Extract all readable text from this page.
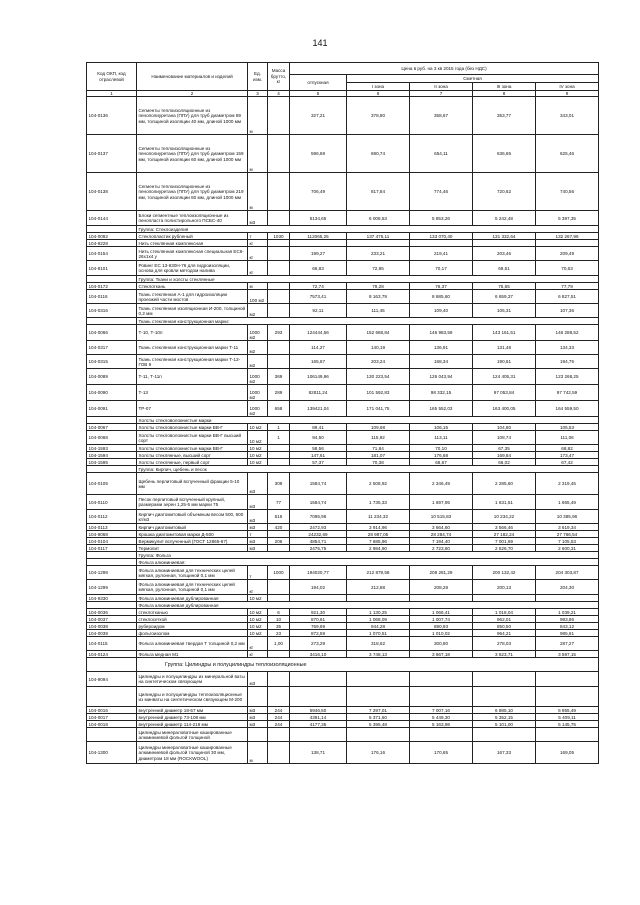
141
Код ОКП, код отраслевой	Наименование материалов и изделий	Ед. изм.	Масса брутто, кг	Цена в руб. на 3 кв 2015 года (без НДС)				
				отпускная	Сметная			
					I зона	II зона	III зона	IV зона
1	2	3	4	5	6	7	8	9
104-0136	Сегменты теплоизоляционные из пенополиуретана (ППУ) для труб диаметром 89 мм, толщиной изоляции 40 мм, длиной 1000 мм	м		327,21	378,80	358,67	353,77	343,01
104-0137	Сегменты теплоизоляционные из пенополиуретана (ППУ) для труб диаметром 159 мм, толщиной изоляции 60 мм, длиной 1000 мм	м		596,69	690,74	654,11	636,65	625,46
104-0138	Сегменты теплоизоляционные из пенополиуретана (ППУ) для труб диаметром 219 мм, толщиной изоляции 60 мм, длиной 1000 мм	м		706,49	817,84	774,46	720,62	740,56
104-0144	Блоки сегментные теплоизоляционные из пенопласта полистирольного ПСБС-40	м3		5134,65	6 008,53	5 853,26	5 242,48	5 397,35
	Группа: Стеклоизделия							
104-0092	Стеклопластик рубленый	т	1030	112065,25	137 475,11	133 070,40	131 332,64	132 267,96
104-9228	Нить стеклянная комплексная	кг						
104-0154	Нить стеклянная комплексная специальная ЕС6-26х1х4 у	кг		199,27	233,21	219,41	203,46	209,49
104-8101	Ровинг ЕС 13-630Н-76 для гидроизоляции, основа для кровли методом налива	кг		66,83	72,85	70,17	69,51	70,63
	Группа: Ткани и холсты стеклянные							
104-0172	Стеклоткань	м		72,74	79,28	76,37	75,65	77,79
104-0116	Ткань стеклянная А-1 для гидроизоляции проезжей части мостов	100 м2		7573,41	8 163,79	8 685,60	6 659,37	6 827,51
104-0316	Ткань стеклянная изоляционная И-200, толщиной 0,2 мм	м2		92,11	111,45	109,40	105,31	107,36
	Ткань стеклянная конструкционная марки:							
104-0066	Т-10, Т-10п	1000 м2	293	124444,56	152 668,84	146 983,59	143 161,51	146 288,52
104-0317	Ткань стеклянная конструкционная марки Т-11	м2		114,27	140,19	136,91	131,48	134,33
104-0315	Ткань стеклянная конструкционная марки Т-13-ГОВ 9	м2		165,67	203,24	168,34	190,61	194,75
104-0089	Т-11, Т-11п	1000 м2	369	106149,96	130 223,54	126 043,94	124 405,31	123 268,25
104-0090	Т-13	1000 м2	289	82811,24	101 592,83	98 332,15	97 053,84	97 742,59
104-0091	ТР-07	1000 м2	658	139421,04	171 041,75	165 552,03	163 400,05	164 559,50
	Холсты стекловолокнистые марки							
104-0067	Холсты стекловолокнистые марки ВВ-Г	10 м2	1	89,41	109,68	106,15	104,80	105,53
104-0068	Холсты стекловолокнистые марки ВВ-Г высший сорт	10 м2	1	94,50	115,92	113,11	108,74	111,06
104-1593	Холсты стекловолокнистые марки ВВ-Г	10 м2		58,56	71,84	70,10	67,35	68,82
104-1594	Холсты стеклянные, высший сорт	10 м2		147,61	181,07	176,68	169,84	173,47
104-1595	Холсты стеклянные, первый сорт	10 м2		57,37	70,38	68,67	66,02	67,42
	Группа: Кирпич, щебень и песок							
104-0105	Щебень перлитовый вспученный фракции 5-10 мм	м3	309	1584,74	2 508,92	2 346,49	2 285,60	2 319,45
104-0110	Песок перлитовый вспученный крупный, размерами зерен 1,25-5 мм марки 75	м3	77	1584,74	1 735,33	1 697,95	1 631,51	1 665,49
104-0112	Кирпич диатомитовый объемным весом 500, 600 кг/м3	м3	616	7095,96	11 234,32	10 515,83	10 234,22	10 385,96
104-0113	Кирпич диатомитовый	м3	420	2472,93	3 914,96	3 664,60	3 566,46	3 619,34
104-8068	Крошка диатомитовая марки Д-500	т		24232,69	28 987,05	28 284,74	27 182,24	27 766,54
104-0104	Вермикулит вспученный (ГОСТ 12865-67)	м3	206	4854,71	7 685,96	7 194,40	7 001,69	7 105,53
104-0117	Термолит	м3		2475,75	2 984,90	2 723,60	2 526,70	2 600,31
	Группа: Фольга							
	Фольга алюминиевая:							
104-1298	Фольга алюминиевая для технических целей мягкая, рулонная, толщиной 0,1 мм	т	1000	194020,77	212 879,58	208 281,29	200 132,42	204 303,87
104-1299	Фольга алюминиевая для технических целей мягкая, рулонная, толщиной 0,1 мм	кг		194,02	212,88	208,28	200,13	204,30
104-9330	Фольга алюминиевая дублированная	10 м2						
	Фольга алюминиевая дублированная							
104-0036	стеклотканью	10 м2	6	921,30	1 130,25	1 066,41	1 018,04	1 039,21
104-0037	стеклосеткой	10 м2	10	870,61	1 068,09	1 007,74	962,01	983,86
104-0038	рубероидом	10 м2	35	769,69	944,28	890,93	850,50	843,12
104-0039	фольгоизолом	10 м2	23	872,59	1 070,51	1 010,02	964,21	985,61
104-0115	Фольга алюминиевая твердая Т толщиной 0,2 мм	кг	1,00	273,29	318,62	300,80	278,03	287,27
104-0124	Фольга медная М1	кг		3416,10	3 748,13	3 667,18	3 523,71	3 597,15
	Группа: Цилиндры и полуцилиндры теплоизоляционные							
104-9094	Цилиндры и полуцилиндры из минеральной ваты на синтетическом связующем	м3						
	Цилиндры и полуцилиндры теплоизоляционные из минваты на синтетическом связующем М-200							
104-0016	внутренний диаметр 18-57 мм	м3	244	5946,50	7 297,01	7 007,16	6 885,10	6 955,49
104-0017	внутренний диаметр 73-108 мм	м3	244	4391,14	5 371,60	5 449,30	5 352,15	5 409,11
104-0018	внутренний диаметр 114-219 мм	м3	244	4177,35	5 395,48	5 163,98	5 101,00	5 145,75
	Цилиндры минераловатные кашированные алюминиевой фольгой толщиной							
104-1300	Цилиндры минераловатные кашированные алюминиевой фольгой толщиной 30 мм, диаметром 18 мм (ROCKWOOL)	м		138,71	176,16	170,65	167,33	169,05
